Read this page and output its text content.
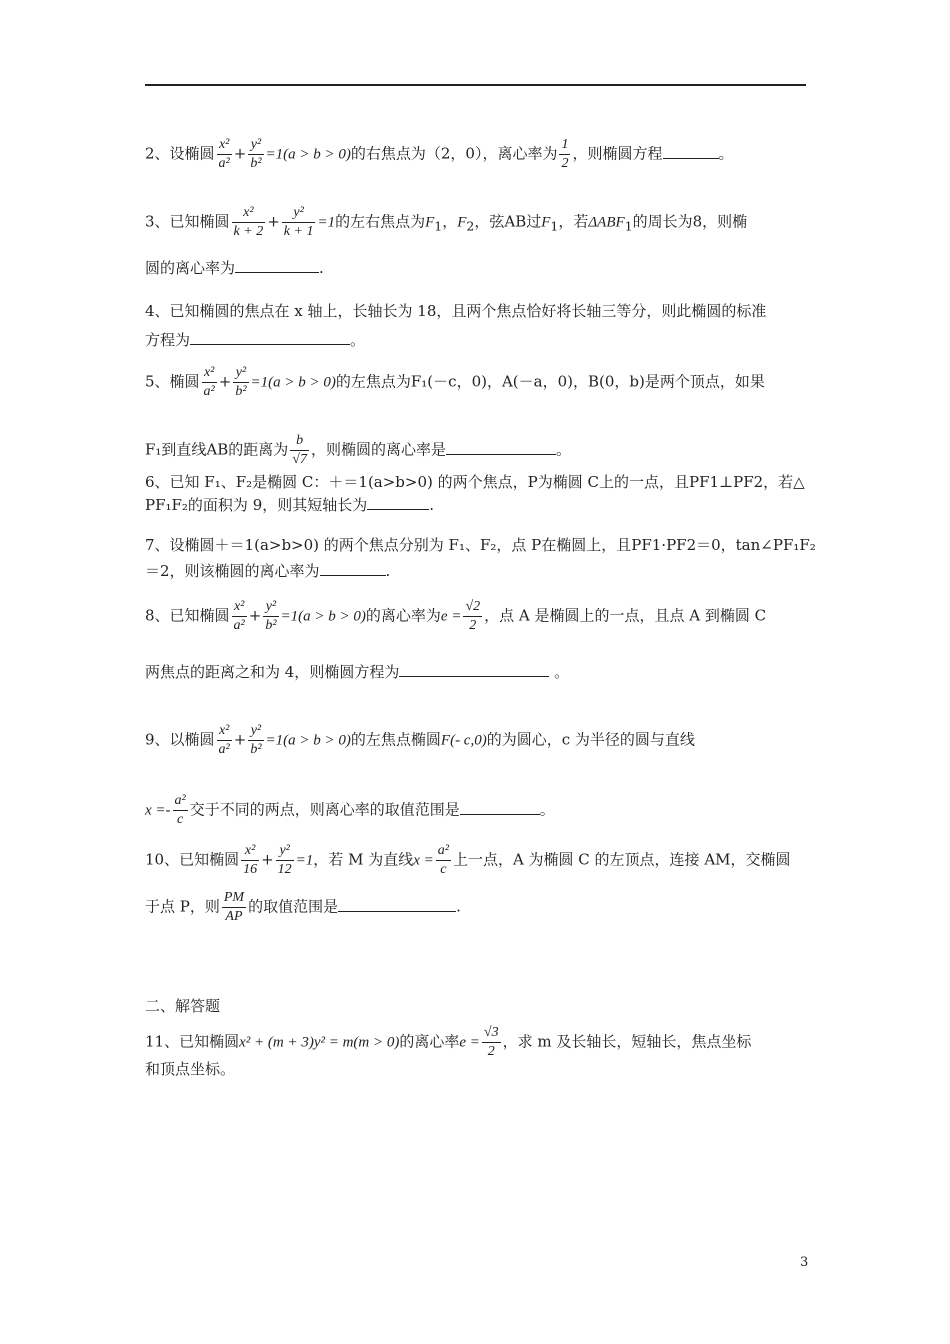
2、设椭圆 $\frac{\text{x²}}{\text{a²}} + \frac{\text{y²}}{\text{b²}} =1(a > b > 0)$的右焦点为（2，0），离心率为 $\frac{1}{2}$ ，则椭圆方程	。
3、已知椭圆 $\frac{\text{x²}}{k + 2} + \frac{\text{y²}}{k + 1} =1$的左右焦点为$F_1$，$F_2$，弦AB过$F_1$，若$\Delta ABF_1$的周长为8，则椭
圆的离心率为	.
4、已知椭圆的焦点在 x 轴上，长轴长为 18，且两个焦点恰好将长轴三等分，则此椭圆的标准
方程为	。
5、椭圆 $\frac{\text{x²}}{\text{a²}} + \frac{\text{y²}}{\text{b²}} =1(a > b > 0)$的左焦点为F₁(－c，0)，A(－a，0)，B(0，b)是两个顶点，如果
F₁到直线AB的距离为 $\frac{b}{√7}$ ，则椭圆的离心率是	。
6、已知 F₁、F₂是椭圆 C：＋＝1(a>b>0) 的两个焦点，P为椭圆 C上的一点，且PF1⊥PF2，若△
PF₁F₂的面积为 9，则其短轴长为	.
7、设椭圆＋＝1(a>b>0) 的两个焦点分别为 F₁、F₂，点 P在椭圆上，且PF1·PF2＝0，tan∠PF₁F₂
＝2，则该椭圆的离心率为	.
8、已知椭圆 $\frac{\text{x²}}{\text{a²}} + \frac{\text{y²}}{\text{b²}} =1(a > b > 0)$的离心率为$e = \frac{√2}{2}$ ，点 A 是椭圆上的一点，且点 A 到椭圆 C
两焦点的距离之和为 4，则椭圆方程为	。
9、以椭圆 $\frac{\text{x²}}{\text{a²}} + \frac{\text{y²}}{\text{b²}} =1(a > b > 0)$的左焦点椭圆F(- c,0)的为圆心，c 为半径的圆与直线
$x =- \frac{\text{a²}}{c}$ 交于不同的两点，则离心率的取值范围是	。
10、已知椭圆 $\frac{\text{x²}}{16} + \frac{\text{y²}}{12} =1$，若 M 为直线$x = \frac{\text{a²}}{c}$ 上一点，A 为椭圆 C 的左顶点，连接 AM，交椭圆
于点 P，则 $\frac{PM}{AP}$ 的取值范围是	.
二、解答题
11、已知椭圆x² + (m + 3)y² = m(m > 0)的离心率$e = \frac{√3}{2}$ ，求 m 及长轴长，短轴长，焦点坐标
和顶点坐标。
3
